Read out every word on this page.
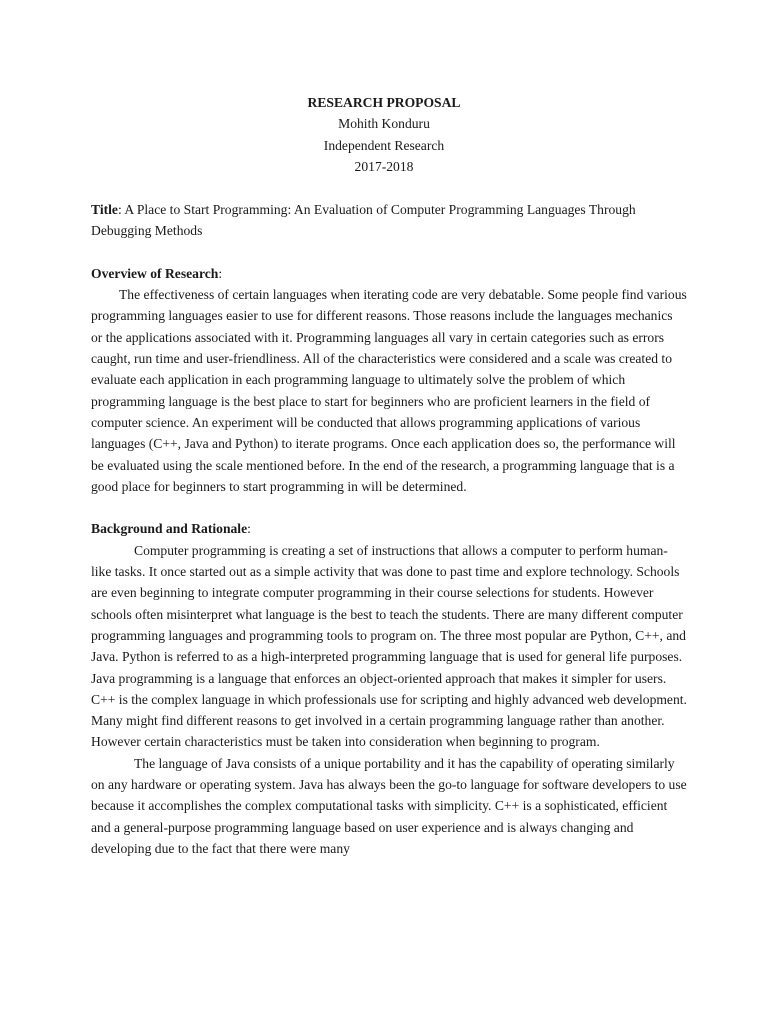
RESEARCH PROPOSAL
Mohith Konduru
Independent Research
2017-2018

Title: A Place to Start Programming: An Evaluation of Computer Programming Languages Through Debugging Methods

Overview of Research:

The effectiveness of certain languages when iterating code are very debatable. Some people find various programming languages easier to use for different reasons. Those reasons include the languages mechanics or the applications associated with it. Programming languages all vary in certain categories such as errors caught, run time and user-friendliness. All of the characteristics were considered and a scale was created to evaluate each application in each programming language to ultimately solve the problem of which programming language is the best place to start for beginners who are proficient learners in the field of computer science. An experiment will be conducted that allows programming applications of various languages (C++, Java and Python) to iterate programs. Once each application does so, the performance will be evaluated using the scale mentioned before. In the end of the research, a programming language that is a good place for beginners to start programming in will be determined.

Background and Rationale:

Computer programming is creating a set of instructions that allows a computer to perform human-like tasks. It once started out as a simple activity that was done to past time and explore technology. Schools are even beginning to integrate computer programming in their course selections for students. However schools often misinterpret what language is the best to teach the students. There are many different computer programming languages and programming tools to program on. The three most popular are Python, C++, and Java. Python is referred to as a high-interpreted programming language that is used for general life purposes. Java programming is a language that enforces an object-oriented approach that makes it simpler for users. C++ is the complex language in which professionals use for scripting and highly advanced web development. Many might find different reasons to get involved in a certain programming language rather than another. However certain characteristics must be taken into consideration when beginning to program.

The language of Java consists of a unique portability and it has the capability of operating similarly on any hardware or operating system. Java has always been the go-to language for software developers to use because it accomplishes the complex computational tasks with simplicity. C++ is a sophisticated, efficient and a general-purpose programming language based on user experience and is always changing and developing due to the fact that there were many
